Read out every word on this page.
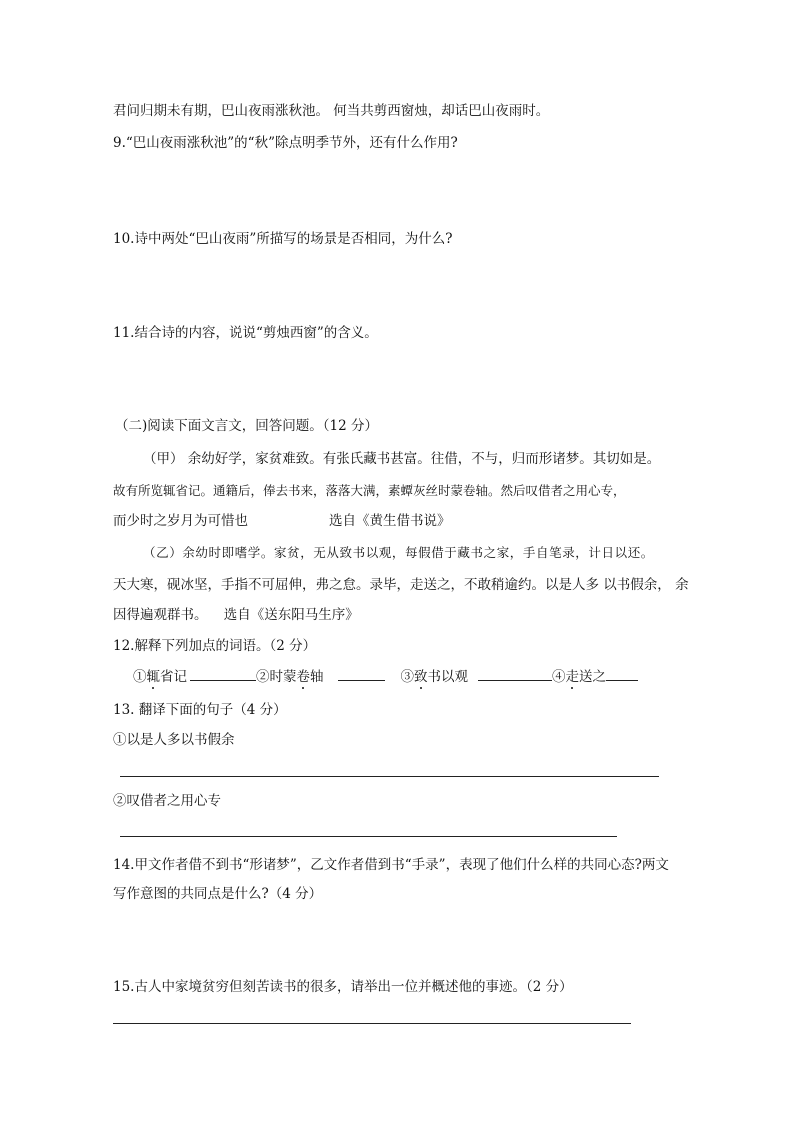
君问归期未有期，巴山夜雨涨秋池。 何当共剪西窗烛，却话巴山夜雨时。
9.“巴山夜雨涨秋池”的“秋”除点明季节外，还有什么作用?
10.诗中两处“巴山夜雨”所描写的场景是否相同，为什么?
11.结合诗的内容，说说“剪烛西窗”的含义。
（二)阅读下面文言文，回答问题。（12 分）
（甲） 余幼好学，家贫难致。有张氏藏书甚富。往借，不与，归而形诸梦。其切如是。
故有所览辄省记。通籍后，俸去书来，落落大满，素蟫灰丝时蒙卷轴。然后叹借者之用心专，
而少时之岁月为可惜也	选自《黄生借书说》
（乙）余幼时即嗜学。家贫，无从致书以观，每假借于藏书之家，手自笔录，计日以还。
天大寒，砚冰坚，手指不可屈伸，弗之怠。录毕，走送之，不敢稍逾约。以是人多 以书假余， 余
因得遍观群书。 选自《送东阳马生序》
12.解释下列加点的词语。（2 分）
①辄省记	②时蒙卷轴	③致书以观	④走送之
13. 翻译下面的句子（4 分）
①以是人多以书假余
②叹借者之用心专
14.甲文作者借不到书“形诸梦”，乙文作者借到书“手录”，表现了他们什么样的共同心态?两文
写作意图的共同点是什么?（4 分）
15.古人中家境贫穷但刻苦读书的很多，请举出一位并概述他的事迹。（2 分）
